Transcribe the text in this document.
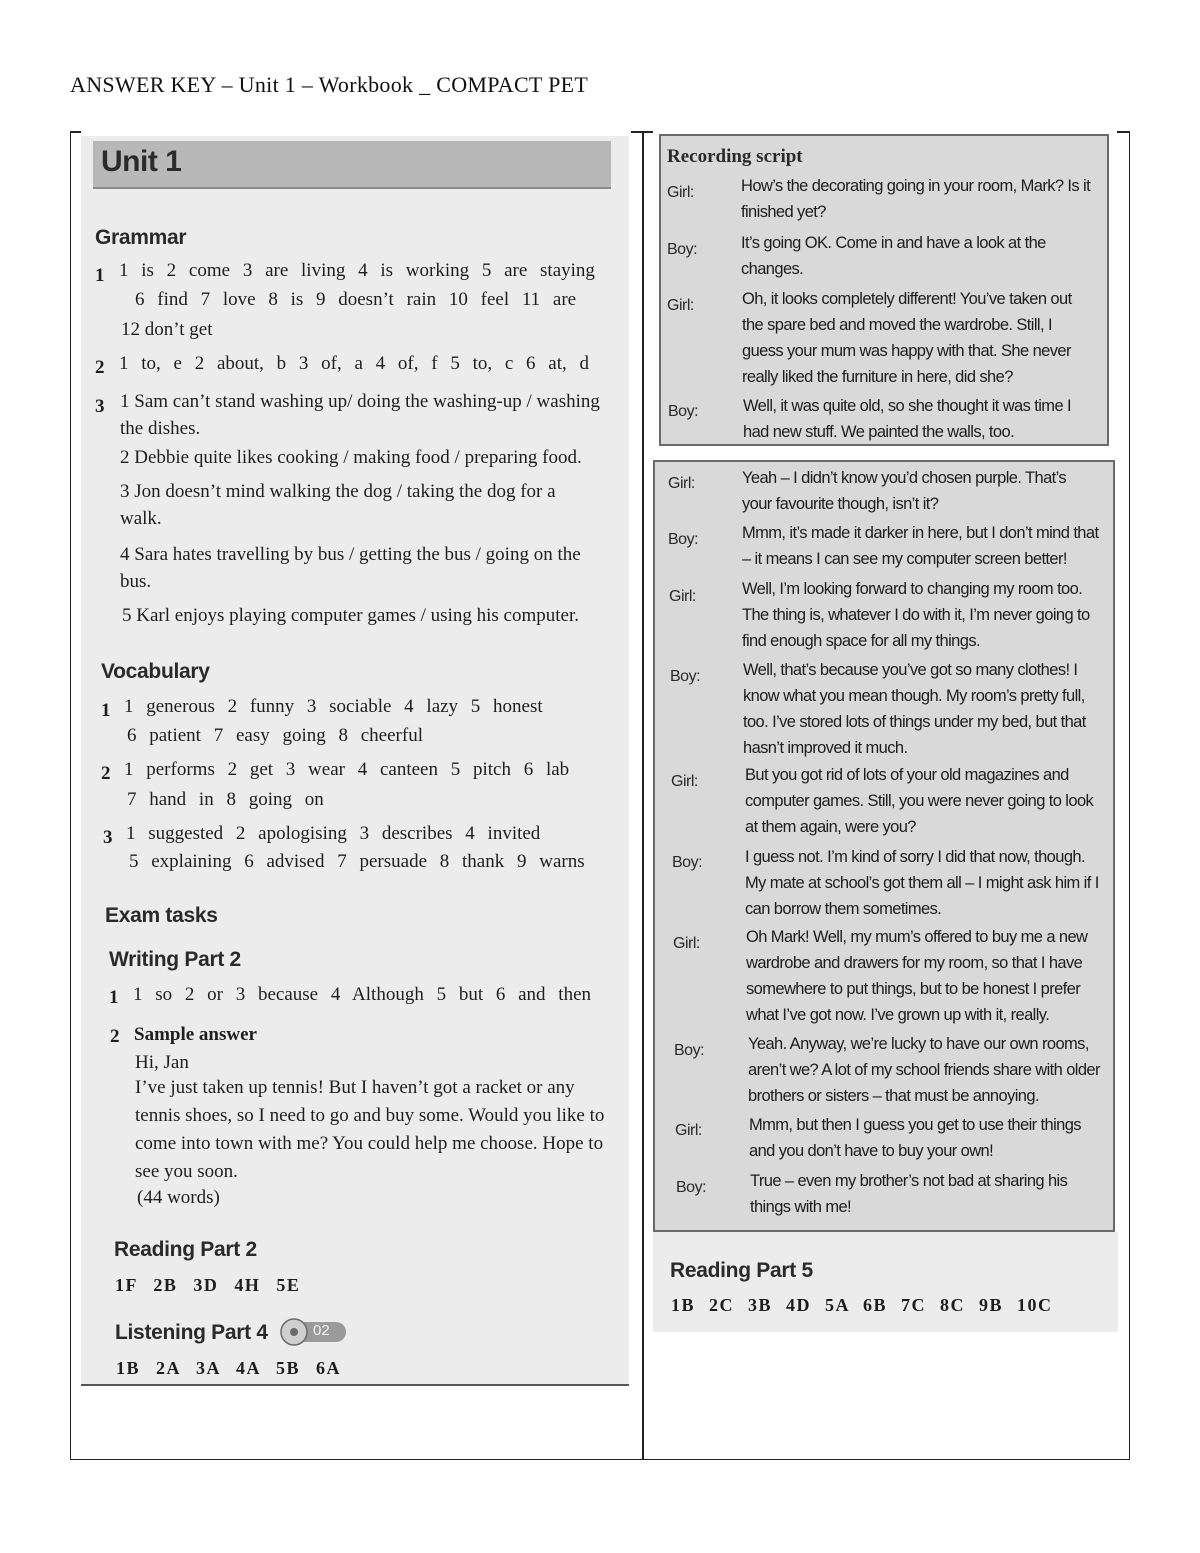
ANSWER KEY – Unit 1 – Workbook _ COMPACT PET
Unit 1
Grammar
1 1 is 2 come 3 are living 4 is working 5 are staying
6 find 7 love 8 is 9 doesn’t rain 10 feel 11 are
12 don’t get
2 1 to, e 2 about, b 3 of, a 4 of, f 5 to, c 6 at, d
3 1 Sam can’t stand washing up/ doing the washing-up / washing the dishes.
2 Debbie quite likes cooking / making food / preparing food.
3 Jon doesn’t mind walking the dog / taking the dog for a walk.
4 Sara hates travelling by bus / getting the bus / going on the bus.
5 Karl enjoys playing computer games / using his computer.
Vocabulary
1 1 generous 2 funny 3 sociable 4 lazy 5 honest
6 patient 7 easy going 8 cheerful
2 1 performs 2 get 3 wear 4 canteen 5 pitch 6 lab
7 hand in 8 going on
3 1 suggested 2 apologising 3 describes 4 invited
5 explaining 6 advised 7 persuade 8 thank 9 warns
Exam tasks
Writing Part 2
1 1 so 2 or 3 because 4 Although 5 but 6 and then
2 Sample answer
Hi, Jan
I’ve just taken up tennis! But I haven’t got a racket or any tennis shoes, so I need to go and buy some. Would you like to come into town with me? You could help me choose. Hope to see you soon.
(44 words)
Reading Part 2
1F 2B 3D 4H 5E
Listening Part 4	02
1B 2A 3A 4A 5B 6A
Recording script
Girl:	How’s the decorating going in your room, Mark? Is it finished yet?
Boy:	It’s going OK. Come in and have a look at the changes.
Girl:	Oh, it looks completely different! You’ve taken out the spare bed and moved the wardrobe. Still, I guess your mum was happy with that. She never really liked the furniture in here, did she?
Boy:	Well, it was quite old, so she thought it was time I had new stuff. We painted the walls, too.
Girl:	Yeah – I didn’t know you’d chosen purple. That’s your favourite though, isn’t it?
Boy:	Mmm, it’s made it darker in here, but I don’t mind that – it means I can see my computer screen better!
Girl:	Well, I’m looking forward to changing my room too. The thing is, whatever I do with it, I’m never going to find enough space for all my things.
Boy:	Well, that’s because you’ve got so many clothes! I know what you mean though. My room’s pretty full, too. I’ve stored lots of things under my bed, but that hasn’t improved it much.
Girl:	But you got rid of lots of your old magazines and computer games. Still, you were never going to look at them again, were you?
Boy:	I guess not. I’m kind of sorry I did that now, though. My mate at school’s got them all – I might ask him if I can borrow them sometimes.
Girl:	Oh Mark! Well, my mum’s offered to buy me a new wardrobe and drawers for my room, so that I have somewhere to put things, but to be honest I prefer what I’ve got now. I’ve grown up with it, really.
Boy:	Yeah. Anyway, we’re lucky to have our own rooms, aren’t we? A lot of my school friends share with older brothers or sisters – that must be annoying.
Girl:	Mmm, but then I guess you get to use their things and you don’t have to buy your own!
Boy:	True – even my brother’s not bad at sharing his things with me!
Reading Part 5
1B 2C 3B 4D 5A 6B 7C 8C 9B 10C
